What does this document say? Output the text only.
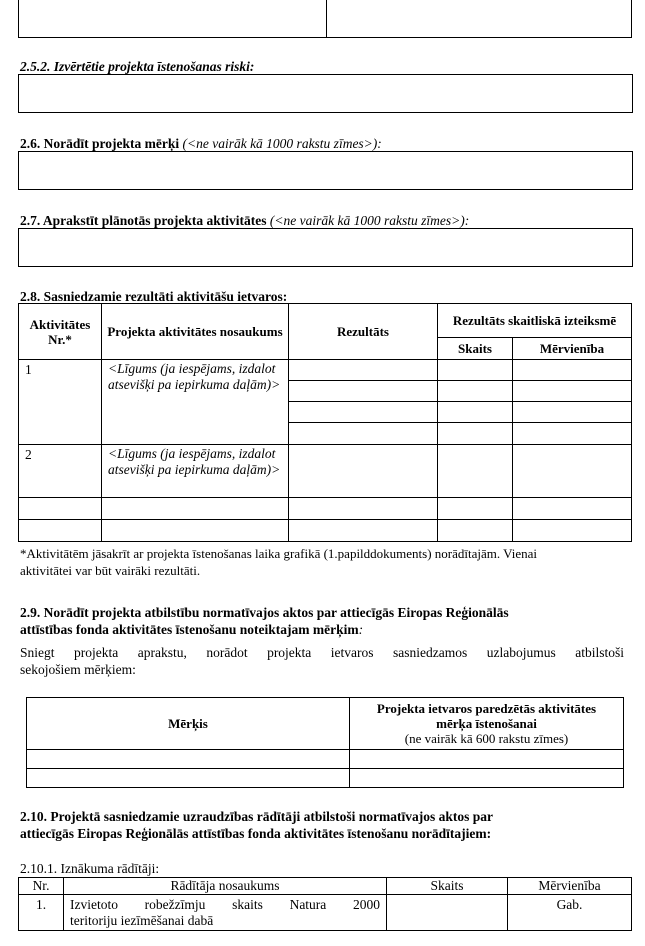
2.5.2. Izvērtētie projekta īstenošanas riski:
2.6. Norādīt projekta mērķi (<ne vairāk kā 1000 rakstu zīmes>):
2.7. Aprakstīt plānotās projekta aktivitātes (<ne vairāk kā 1000 rakstu zīmes>):
2.8. Sasniedzamie rezultāti aktivitāšu ietvaros:
Aktivitātes Nr.*	Projekta aktivitātes nosaukums	Rezultāts	Rezultāts skaitliskā izteiksmē	
			Skaits	Mērvienība
1	<Līgums (ja iespējams, izdalot atsevišķi pa iepirkuma daļām)>			

2	<Līgums (ja iespējams, izdalot atsevišķi pa iepirkuma daļām)>			

*Aktivitātēm jāsakrīt ar projekta īstenošanas laika grafikā (1.papilddokuments) norādītajām. Vienai
aktivitātei var būt vairāki rezultāti.
2.9. Norādīt projekta atbilstību normatīvajos aktos par attiecīgās Eiropas Reģionālās
attīstības fonda aktivitātes īstenošanu noteiktajam mērķim:
Sniegt projekta aprakstu, norādot projekta ietvaros sasniedzamos uzlabojumus atbilstoši
sekojošiem mērķiem:
Mērķis	Projekta ietvaros paredzētās aktivitātes
mērķa īstenošanai
(ne vairāk kā 600 rakstu zīmes)

2.10. Projektā sasniedzamie uzraudzības rādītāji atbilstoši normatīvajos aktos par
attiecīgās Eiropas Reģionālās attīstības fonda aktivitātes īstenošanu norādītajiem:
2.10.1. Iznākuma rādītāji:
Nr.	Rādītāja nosaukums	Skaits	Mērvienība
1.	Izvietoto robežzīmju skaits Natura 2000
teritoriju iezīmēšanai dabā		Gab.
